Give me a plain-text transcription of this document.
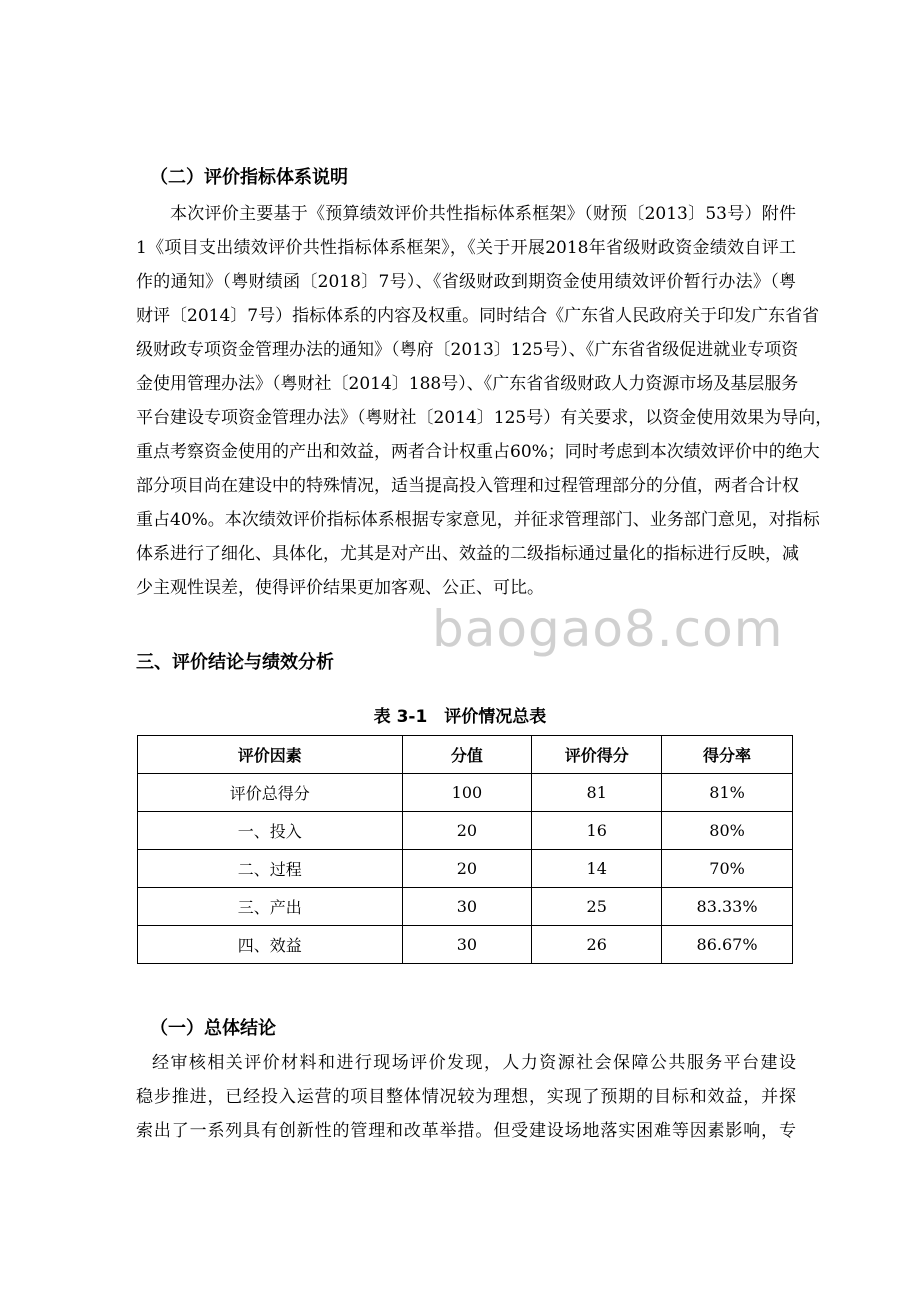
（二）评价指标体系说明
本次评价主要基于《预算绩效评价共性指标体系框架》（财预〔2013〕53号）附件
1《项目支出绩效评价共性指标体系框架》，《关于开展2018年省级财政资金绩效自评工
作的通知》（粤财绩函〔2018〕7号）、《省级财政到期资金使用绩效评价暂行办法》（粤
财评〔2014〕7号）指标体系的内容及权重。同时结合《广东省人民政府关于印发广东省省
级财政专项资金管理办法的通知》（粤府〔2013〕125号）、《广东省省级促进就业专项资
金使用管理办法》（粤财社〔2014〕188号）、《广东省省级财政人力资源市场及基层服务
平台建设专项资金管理办法》（粤财社〔2014〕125号）有关要求，以资金使用效果为导向，
重点考察资金使用的产出和效益，两者合计权重占60%；同时考虑到本次绩效评价中的绝大
部分项目尚在建设中的特殊情况，适当提高投入管理和过程管理部分的分值，两者合计权
重占40%。本次绩效评价指标体系根据专家意见，并征求管理部门、业务部门意见，对指标
体系进行了细化、具体化，尤其是对产出、效益的二级指标通过量化的指标进行反映，减
少主观性误差，使得评价结果更加客观、公正、可比。
baogao8.com
三、评价结论与绩效分析
表 3-1　评价情况总表
评价因素	分值	评价得分	得分率
评价总得分	100	81	81%
一、投入	20	16	80%
二、过程	20	14	70%
三、产出	30	25	83.33%
四、效益	30	26	86.67%
（一）总体结论
经审核相关评价材料和进行现场评价发现，人力资源社会保障公共服务平台建设
稳步推进，已经投入运营的项目整体情况较为理想，实现了预期的目标和效益，并探
索出了一系列具有创新性的管理和改革举措。但受建设场地落实困难等因素影响，专
